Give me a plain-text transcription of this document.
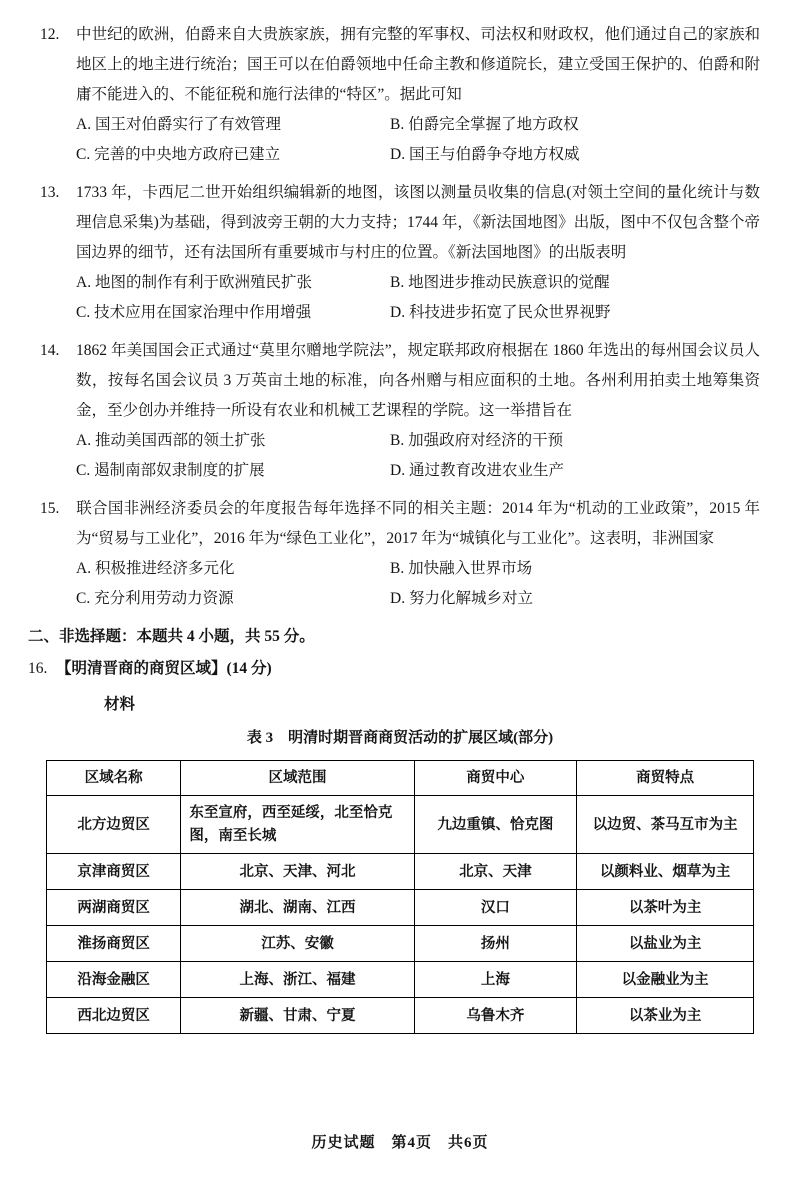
12. 中世纪的欧洲，伯爵来自大贵族家族，拥有完整的军事权、司法权和财政权，他们通过自己的家族和地区上的地主进行统治；国王可以在伯爵领地中任命主教和修道院长，建立受国王保护的、伯爵和附庸不能进入的、不能征税和施行法律的“特区”。据此可知

A. 国王对伯爵实行了有效管理	B. 伯爵完全掌握了地方政权

C. 完善的中央地方政府已建立	D. 国王与伯爵争夺地方权威

13. 1733 年，卡西尼二世开始组织编辑新的地图，该图以测量员收集的信息(对领土空间的量化统计与数理信息采集)为基础，得到波旁王朝的大力支持；1744 年，《新法国地图》出版，图中不仅包含整个帝国边界的细节，还有法国所有重要城市与村庄的位置。《新法国地图》的出版表明

A. 地图的制作有利于欧洲殖民扩张	B. 地图进步推动民族意识的觉醒

C. 技术应用在国家治理中作用增强	D. 科技进步拓宽了民众世界视野

14. 1862 年美国国会正式通过“莫里尔赠地学院法”，规定联邦政府根据在 1860 年选出的每州国会议员人数，按每名国会议员 3 万英亩土地的标准，向各州赠与相应面积的土地。各州利用拍卖土地筹集资金，至少创办并维持一所设有农业和机械工艺课程的学院。这一举措旨在

A. 推动美国西部的领土扩张	B. 加强政府对经济的干预

C. 遏制南部奴隶制度的扩展	D. 通过教育改进农业生产

15. 联合国非洲经济委员会的年度报告每年选择不同的相关主题：2014 年为“机动的工业政策”，2015 年为“贸易与工业化”，2016 年为“绿色工业化”，2017 年为“城镇化与工业化”。这表明，非洲国家

A. 积极推进经济多元化	B. 加快融入世界市场

C. 充分利用劳动力资源	D. 努力化解城乡对立

二、非选择题：本题共 4 小题，共 55 分。

16. 【明清晋商的商贸区域】(14 分)

材料

表 3　明清时期晋商商贸活动的扩展区域(部分)

区域名称	区域范围	商贸中心	商贸特点
北方边贸区	东至宣府，西至延绥，北至恰克图，南至长城	九边重镇、恰克图	以边贸、茶马互市为主
京津商贸区	北京、天津、河北	北京、天津	以颜料业、烟草为主
两湖商贸区	湖北、湖南、江西	汉口	以茶叶为主
淮扬商贸区	江苏、安徽	扬州	以盐业为主
沿海金融区	上海、浙江、福建	上海	以金融业为主
西北边贸区	新疆、甘肃、宁夏	乌鲁木齐	以茶业为主
历史试题　第4页　共6页
